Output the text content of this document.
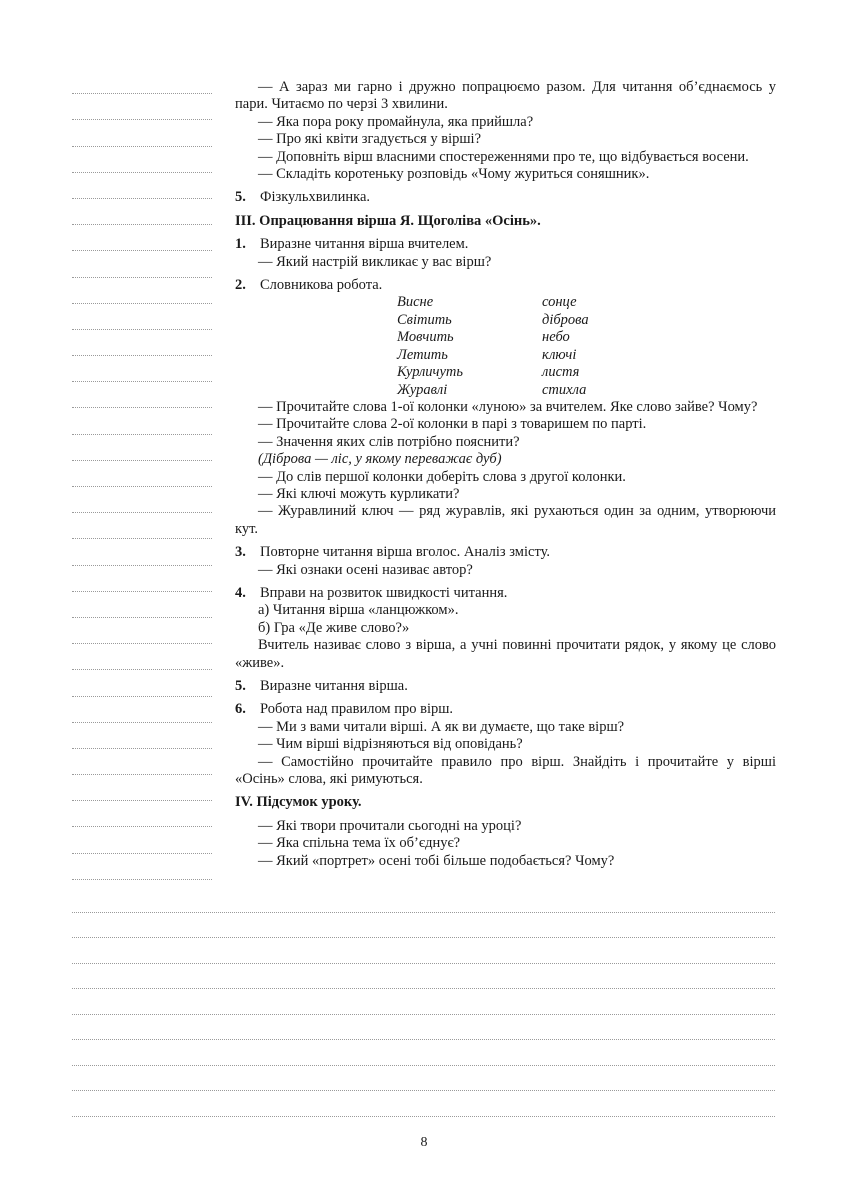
— А зараз ми гарно і дружно попрацюємо разом. Для читання об’єднаємось у пари. Читаємо по черзі 3 хвилини.

— Яка пора року промайнула, яка прийшла?

— Про які квіти згадується у вірші?

— Доповніть вірш власними спостереженнями про те, що відбувається восени.

— Складіть коротеньку розповідь «Чому журиться соняшник».

5. Фізкульхвилинка.

III. Опрацювання вірша Я. Щоголіва «Осінь».

1. Виразне читання вірша вчителем.

— Який настрій викликає у вас вірш?

2. Словникова робота.

Висне	сонце
Світить	діброва
Мовчить	небо
Летить	ключі
Курличуть	листя
Журавлі	стихла

— Прочитайте слова 1-ої колонки «луною» за вчителем. Яке слово зайве? Чому?

— Прочитайте слова 2-ої колонки в парі з товаришем по парті.

— Значення яких слів потрібно пояснити?

(Діброва — ліс, у якому переважає дуб)

— До слів першої колонки доберіть слова з другої колонки.

— Які ключі можуть курликати?

— Журавлиний ключ — ряд журавлів, які рухаються один за одним, утворюючи кут.

3. Повторне читання вірша вголос. Аналіз змісту.

— Які ознаки осені називає автор?

4. Вправи на розвиток швидкості читання.

а) Читання вірша «ланцюжком».

б) Гра «Де живе слово?»

Вчитель називає слово з вірша, а учні повинні прочитати рядок, у якому це слово «живе».

5. Виразне читання вірша.

6. Робота над правилом про вірш.

— Ми з вами читали вірші. А як ви думаєте, що таке вірш?

— Чим вірші відрізняються від оповідань?

— Самостійно прочитайте правило про вірш. Знайдіть і прочитайте у вірші «Осінь» слова, які римуються.

IV. Підсумок уроку.

— Які твори прочитали сьогодні на уроці?

— Яка спільна тема їх об’єднує?

— Який «портрет» осені тобі більше подобається? Чому?

8
